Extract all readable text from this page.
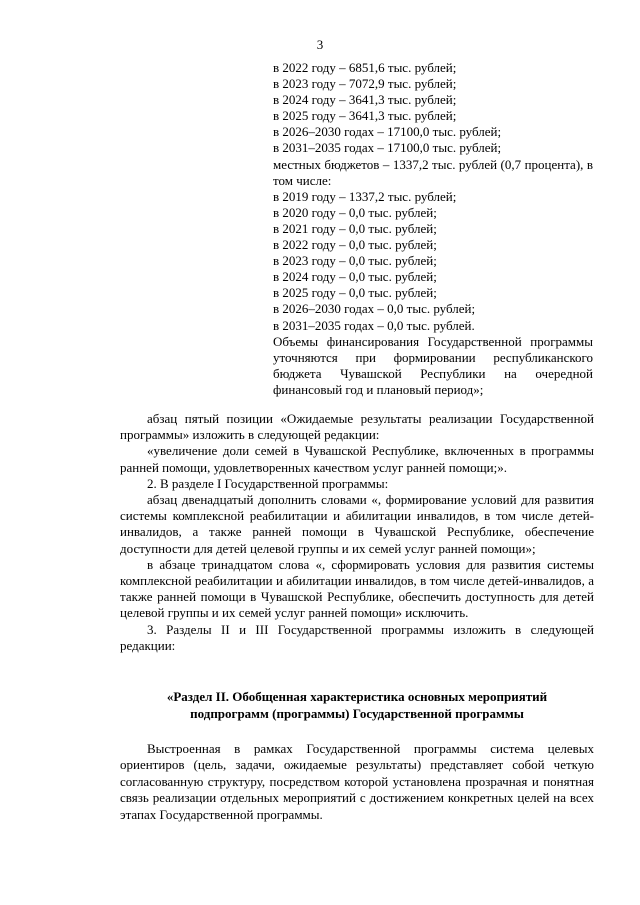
3
в 2022 году – 6851,6 тыс. рублей;
в 2023 году – 7072,9 тыс. рублей;
в 2024 году – 3641,3 тыс. рублей;
в 2025 году – 3641,3 тыс. рублей;
в 2026–2030 годах – 17100,0 тыс. рублей;
в 2031–2035 годах – 17100,0 тыс. рублей;
местных бюджетов – 1337,2 тыс. рублей (0,7 процента), в том числе:
в 2019 году – 1337,2 тыс. рублей;
в 2020 году – 0,0 тыс. рублей;
в 2021 году – 0,0 тыс. рублей;
в 2022 году – 0,0 тыс. рублей;
в 2023 году – 0,0 тыс. рублей;
в 2024 году – 0,0 тыс. рублей;
в 2025 году – 0,0 тыс. рублей;
в 2026–2030 годах – 0,0 тыс. рублей;
в 2031–2035 годах – 0,0 тыс. рублей.
Объемы финансирования Государственной программы уточняются при формировании республиканского бюджета Чувашской Республики на очередной финансовый год и плановый период»;

абзац пятый позиции «Ожидаемые результаты реализации Государственной программы» изложить в следующей редакции:

«увеличение доли семей в Чувашской Республике, включенных в программы ранней помощи, удовлетворенных качеством услуг ранней помощи;».

2. В разделе I Государственной программы:

абзац двенадцатый дополнить словами «, формирование условий для развития системы комплексной реабилитации и абилитации инвалидов, в том числе детей-инвалидов, а также ранней помощи в Чувашской Республике, обеспечение доступности для детей целевой группы и их семей услуг ранней помощи»;

в абзаце тринадцатом слова «, сформировать условия для развития системы комплексной реабилитации и абилитации инвалидов, в том числе детей-инвалидов, а также ранней помощи в Чувашской Республике, обеспечить доступность для детей целевой группы и их семей услуг ранней помощи» исключить.

3. Разделы II и III Государственной программы изложить в следующей редакции:

«Раздел II. Обобщенная характеристика основных мероприятий
подпрограмм (программы) Государственной программы

Выстроенная в рамках Государственной программы система целевых ориентиров (цель, задачи, ожидаемые результаты) представляет собой четкую согласованную структуру, посредством которой установлена прозрачная и понятная связь реализации отдельных мероприятий с достижением конкретных целей на всех этапах Государственной программы.
